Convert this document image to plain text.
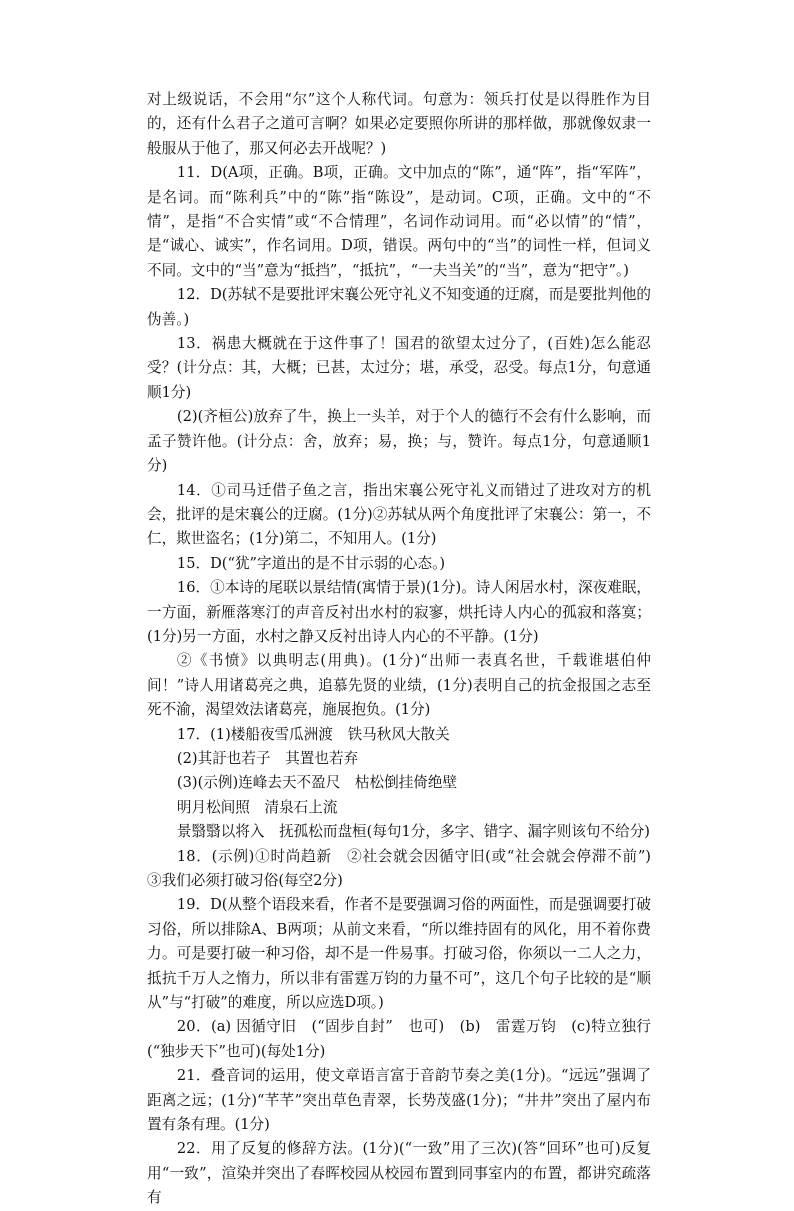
对上级说话，不会用“尔”这个人称代词。句意为：领兵打仗是以得胜作为目的，还有什么君子之道可言啊？如果必定要照你所讲的那样做，那就像奴隶一般服从于他了，那又何必去开战呢？)

11．D(A项，正确。B项，正确。文中加点的“陈”，通“阵”，指“军阵”，是名词。而“陈利兵”中的“陈”指“陈设”，是动词。C项，正确。文中的“不情”，是指“不合实情”或“不合情理”，名词作动词用。而“必以情”的“情”，是“诚心、诚实”，作名词用。D项，错误。两句中的“当”的词性一样，但词义不同。文中的“当”意为“抵挡”，“抵抗”，“一夫当关”的“当”，意为“把守”。)

12．D(苏轼不是要批评宋襄公死守礼义不知变通的迂腐，而是要批判他的伪善。)

13．祸患大概就在于这件事了！国君的欲望太过分了，(百姓)怎么能忍受？(计分点：其，大概；已甚，太过分；堪，承受，忍受。每点1分，句意通顺1分)

(2)(齐桓公)放弃了牛，换上一头羊，对于个人的德行不会有什么影响，而孟子赞许他。(计分点：舍，放弃；易，换；与，赞许。每点1分，句意通顺1分)

14．①司马迁借子鱼之言，指出宋襄公死守礼义而错过了进攻对方的机会，批评的是宋襄公的迂腐。(1分)②苏轼从两个角度批评了宋襄公：第一，不仁，欺世盗名；(1分)第二，不知用人。(1分)

15．D(“犹”字道出的是不甘示弱的心态。)

16．①本诗的尾联以景结情(寓情于景)(1分)。诗人闲居水村，深夜难眠，一方面，新雁落寒汀的声音反衬出水村的寂寥，烘托诗人内心的孤寂和落寞；(1分)另一方面，水村之静又反衬出诗人内心的不平静。(1分)

②《书愤》以典明志(用典)。(1分)“出师一表真名世，千载谁堪伯仲间！”诗人用诸葛亮之典，追慕先贤的业绩，(1分)表明自己的抗金报国之志至死不渝，渴望效法诸葛亮，施展抱负。(1分)

17．(1)楼船夜雪瓜洲渡　铁马秋风大散关

(2)其訏也若子　其置也若弃

(3)(示例)连峰去天不盈尺　枯松倒挂倚绝壁

明月松间照　清泉石上流

景翳翳以将入　抚孤松而盘桓(每句1分，多字、错字、漏字则该句不给分)

18．(示例)①时尚趋新　②社会就会因循守旧(或“社会就会停滞不前”)　③我们必须打破习俗(每空2分)

19．D(从整个语段来看，作者不是要强调习俗的两面性，而是强调要打破习俗，所以排除A、B两项；从前文来看，“所以维持固有的风化，用不着你费力。可是要打破一种习俗，却不是一件易事。打破习俗，你须以一二人之力，抵抗千万人之惰力，所以非有雷霆万钧的力量不可”，这几个句子比较的是“顺从”与“打破”的难度，所以应选D项。)

20．(a) 因循守旧　(“固步自封”　也可)　(b)　雷霆万钧　(c)特立独行(“独步天下”也可)(每处1分)

21．叠音词的运用，使文章语言富于音韵节奏之美(1分)。“远远”强调了距离之远；(1分)“芊芊”突出草色青翠，长势茂盛(1分)；“井井”突出了屋内布置有条有理。(1分)

22．用了反复的修辞方法。(1分)(“一致”用了三次)(答“回环”也可)反复用“一致”，渲染并突出了春晖校园从校园布置到同事室内的布置，都讲究疏落有
